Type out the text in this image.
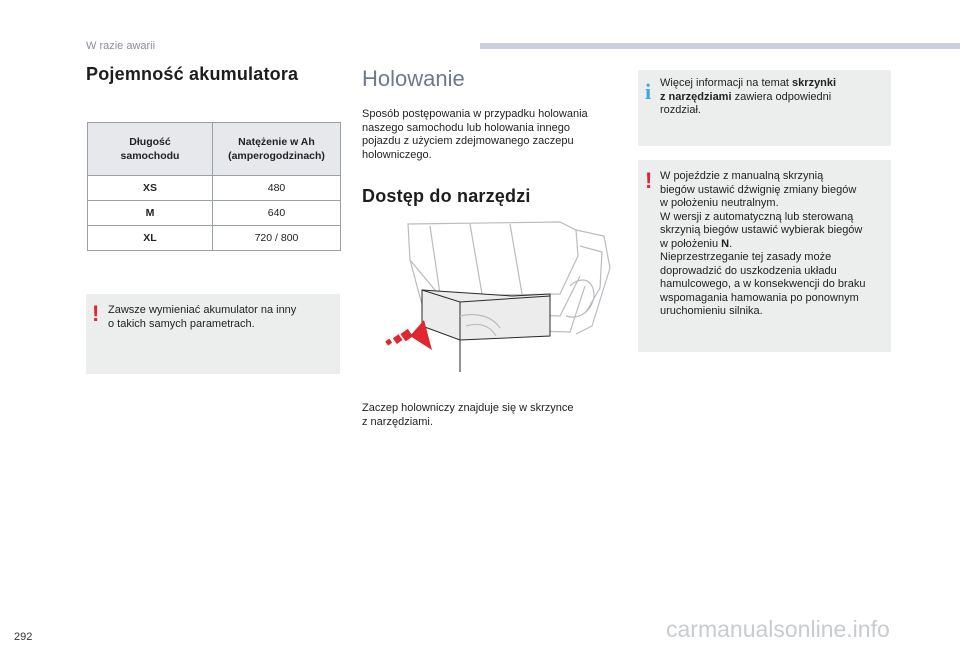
W razie awarii
Pojemność akumulatora
Długość
samochodu	Natężenie w Ah
(amperogodzinach)
XS	480
M	640
XL	720 / 800
! Zawsze wymieniać akumulator na inny
o takich samych parametrach.
Holowanie
Sposób postępowania w przypadku holowania
naszego samochodu lub holowania innego
pojazdu z użyciem zdejmowanego zaczepu
holowniczego.
Dostęp do narzędzi
Zaczep holowniczy znajduje się w skrzynce
z narzędziami.
i Więcej informacji na temat skrzynki
z narzędziami zawiera odpowiedni
rozdział.
! W pojeździe z manualną skrzynią
biegów ustawić dźwignię zmiany biegów
w położeniu neutralnym.
W wersji z automatyczną lub sterowaną
skrzynią biegów ustawić wybierak biegów
w położeniu N.
Nieprzestrzeganie tej zasady może
doprowadzić do uszkodzenia układu
hamulcowego, a w konsekwencji do braku
wspomagania hamowania po ponownym
uruchomieniu silnika.
292	carmanualsonline.info
